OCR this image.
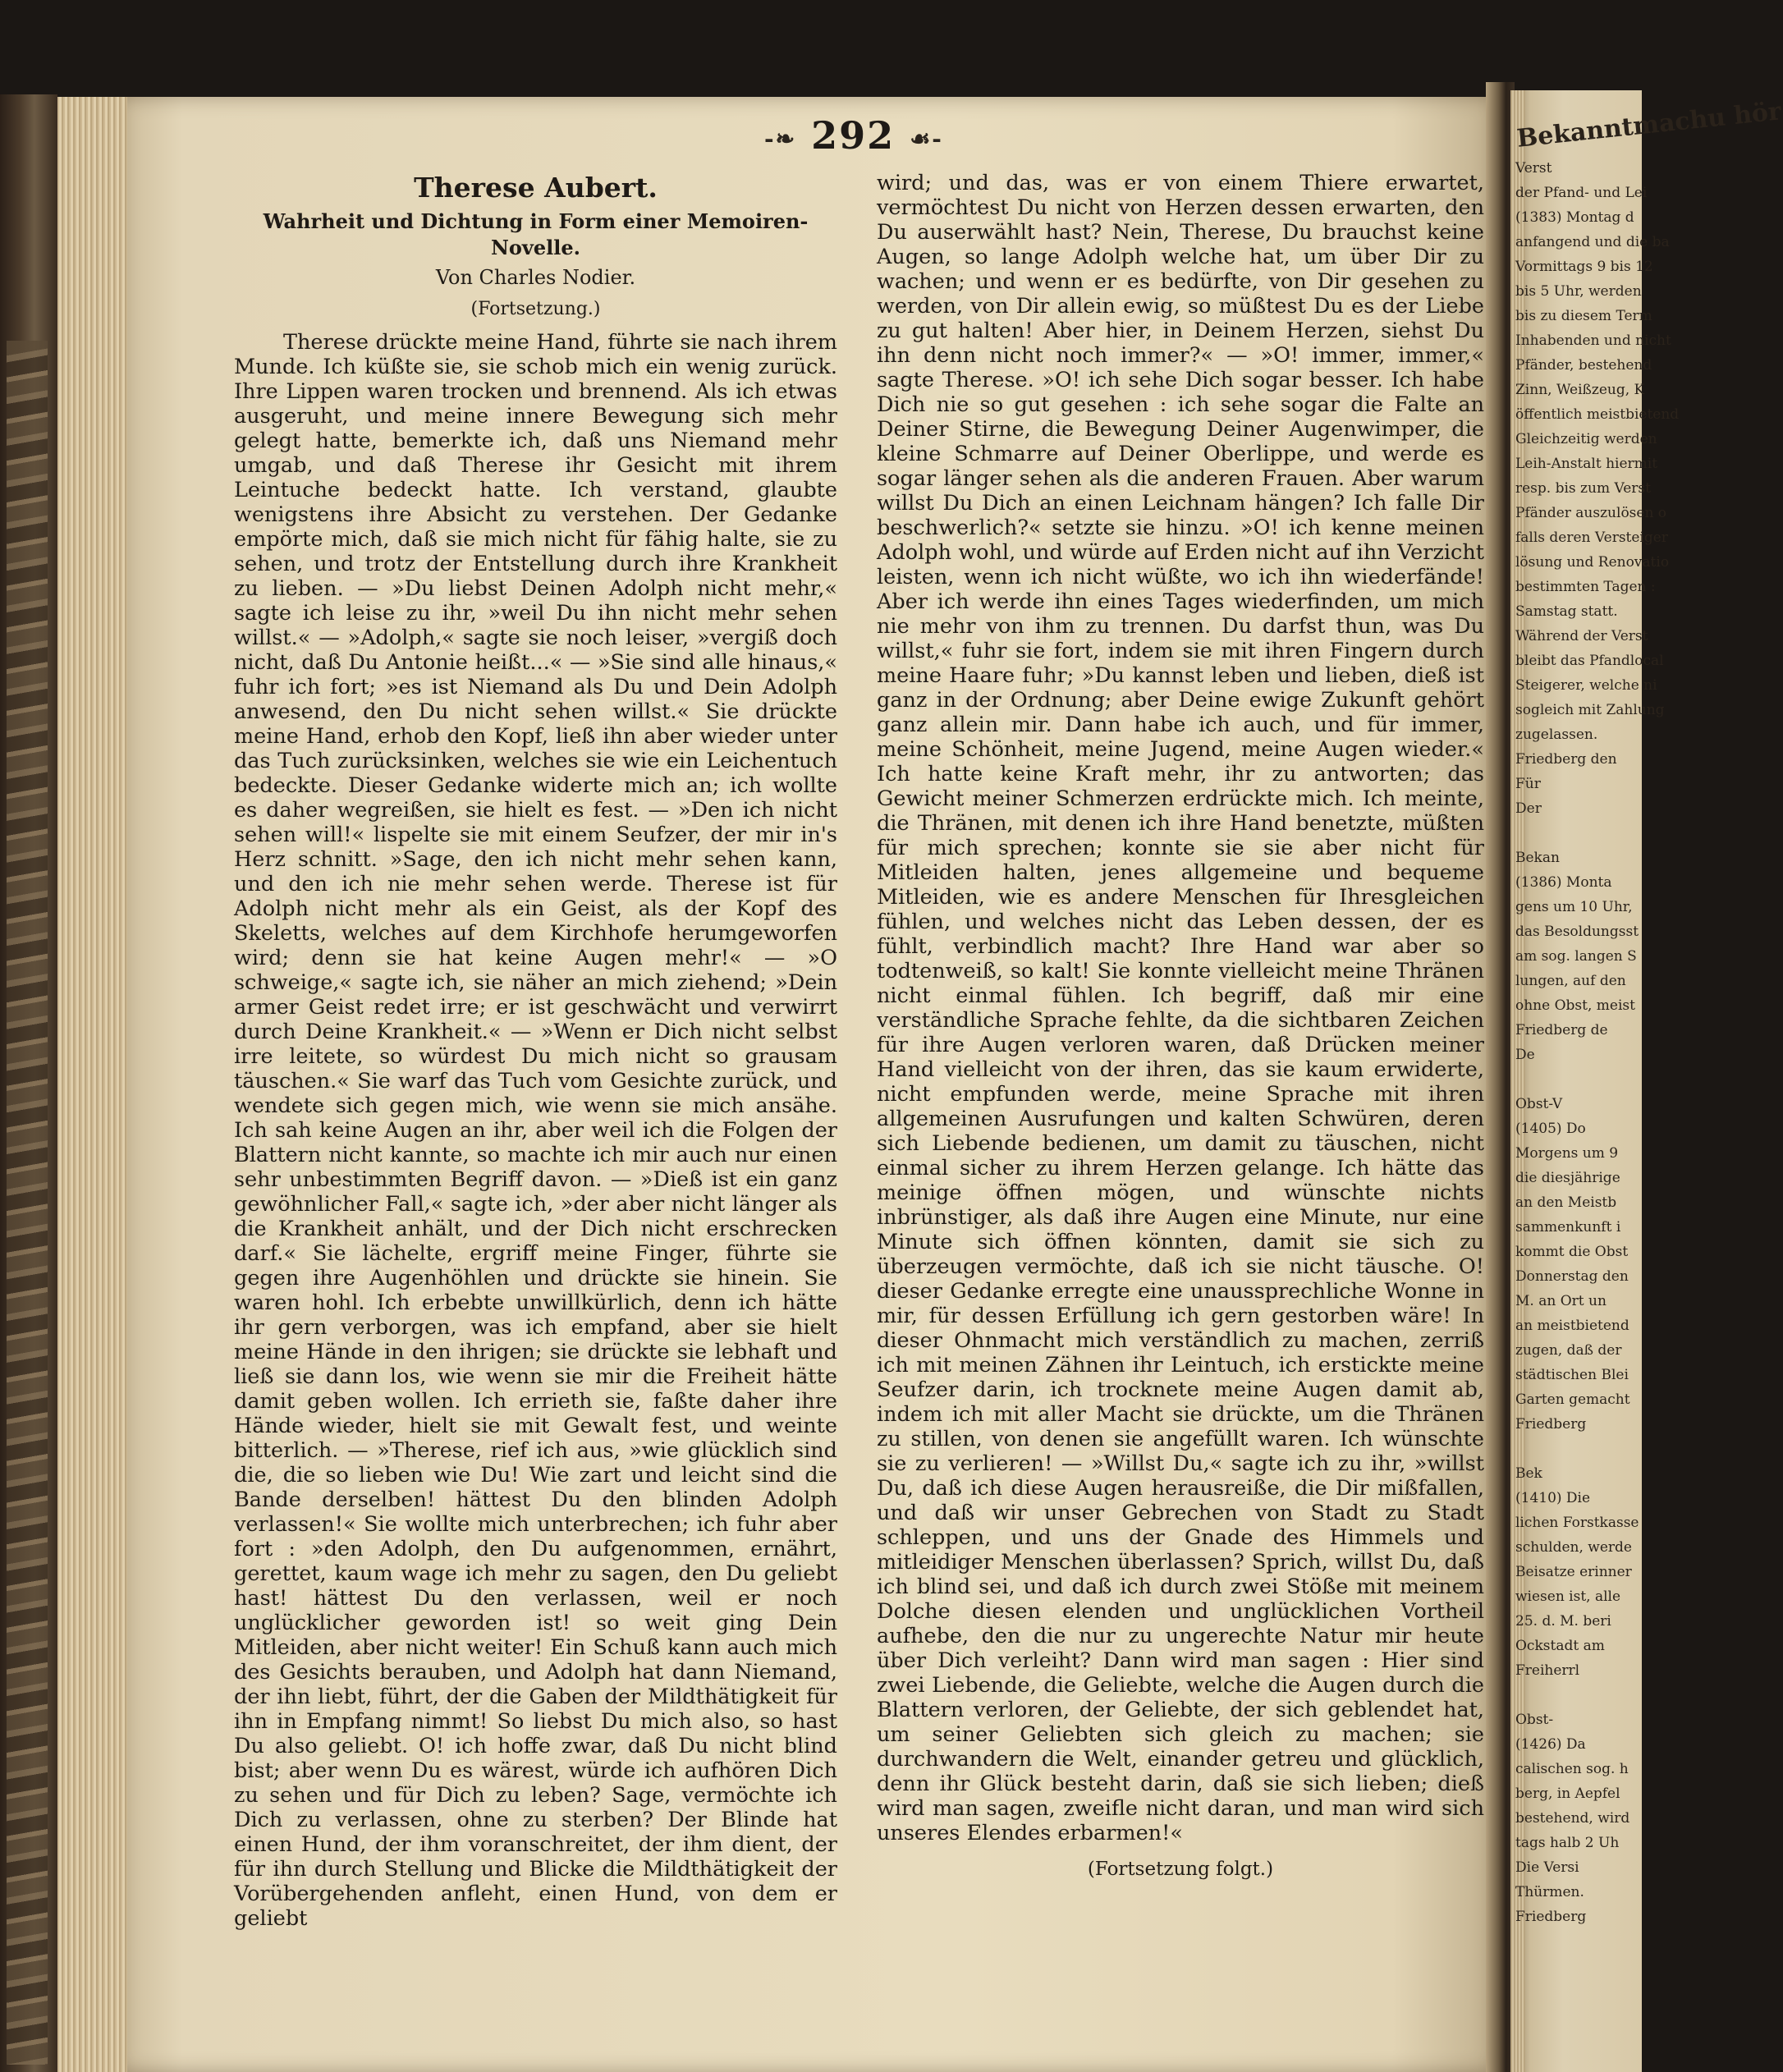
-❧ 292 ☙-
Therese Aubert.
Wahrheit und Dichtung in Form einer Memoiren-Novelle.
Von Charles Nodier.
(Fortsetzung.)

Therese drückte meine Hand, führte sie nach ihrem Munde. Ich küßte sie, sie schob mich ein wenig zurück. Ihre Lippen waren trocken und brennend. Als ich etwas ausgeruht, und meine innere Bewegung sich mehr gelegt hatte, bemerkte ich, daß uns Niemand mehr umgab, und daß Therese ihr Gesicht mit ihrem Leintuche bedeckt hatte. Ich verstand, glaubte wenigstens ihre Absicht zu verstehen. Der Gedanke empörte mich, daß sie mich nicht für fähig halte, sie zu sehen, und trotz der Entstellung durch ihre Krankheit zu lieben. — »Du liebst Deinen Adolph nicht mehr,« sagte ich leise zu ihr, »weil Du ihn nicht mehr sehen willst.« — »Adolph,« sagte sie noch leiser, »vergiß doch nicht, daß Du Antonie heißt...« — »Sie sind alle hinaus,« fuhr ich fort; »es ist Niemand als Du und Dein Adolph anwesend, den Du nicht sehen willst.« Sie drückte meine Hand, erhob den Kopf, ließ ihn aber wieder unter das Tuch zurücksinken, welches sie wie ein Leichentuch bedeckte. Dieser Gedanke widerte mich an; ich wollte es daher wegreißen, sie hielt es fest. — »Den ich nicht sehen will!« lispelte sie mit einem Seufzer, der mir in's Herz schnitt. »Sage, den ich nicht mehr sehen kann, und den ich nie mehr sehen werde. Therese ist für Adolph nicht mehr als ein Geist, als der Kopf des Skeletts, welches auf dem Kirchhofe herumgeworfen wird; denn sie hat keine Augen mehr!« — »O schweige,« sagte ich, sie näher an mich ziehend; »Dein armer Geist redet irre; er ist geschwächt und verwirrt durch Deine Krankheit.« — »Wenn er Dich nicht selbst irre leitete, so würdest Du mich nicht so grausam täuschen.« Sie warf das Tuch vom Gesichte zurück, und wendete sich gegen mich, wie wenn sie mich ansähe. Ich sah keine Augen an ihr, aber weil ich die Folgen der Blattern nicht kannte, so machte ich mir auch nur einen sehr unbestimmten Begriff davon. — »Dieß ist ein ganz gewöhnlicher Fall,« sagte ich, »der aber nicht länger als die Krankheit anhält, und der Dich nicht erschrecken darf.« Sie lächelte, ergriff meine Finger, führte sie gegen ihre Augenhöhlen und drückte sie hinein. Sie waren hohl. Ich erbebte unwillkürlich, denn ich hätte ihr gern verborgen, was ich empfand, aber sie hielt meine Hände in den ihrigen; sie drückte sie lebhaft und ließ sie dann los, wie wenn sie mir die Freiheit hätte damit geben wollen. Ich errieth sie, faßte daher ihre Hände wieder, hielt sie mit Gewalt fest, und weinte bitterlich. — »Therese, rief ich aus, »wie glücklich sind die, die so lieben wie Du! Wie zart und leicht sind die Bande derselben! hättest Du den blinden Adolph verlassen!« Sie wollte mich unterbrechen; ich fuhr aber fort : »den Adolph, den Du aufgenommen, ernährt, gerettet, kaum wage ich mehr zu sagen, den Du geliebt hast! hättest Du den verlassen, weil er noch unglücklicher geworden ist! so weit ging Dein Mitleiden, aber nicht weiter! Ein Schuß kann auch mich des Gesichts berauben, und Adolph hat dann Niemand, der ihn liebt, führt, der die Gaben der Mildthätigkeit für ihn in Empfang nimmt! So liebst Du mich also, so hast Du also geliebt. O! ich hoffe zwar, daß Du nicht blind bist; aber wenn Du es wärest, würde ich aufhören Dich zu sehen und für Dich zu leben? Sage, vermöchte ich Dich zu verlassen, ohne zu sterben? Der Blinde hat einen Hund, der ihm voranschreitet, der ihm dient, der für ihn durch Stellung und Blicke die Mildthätigkeit der Vorübergehenden anfleht, einen Hund, von dem er geliebt

wird; und das, was er von einem Thiere erwartet, vermöchtest Du nicht von Herzen dessen erwarten, den Du auserwählt hast? Nein, Therese, Du brauchst keine Augen, so lange Adolph welche hat, um über Dir zu wachen; und wenn er es bedürfte, von Dir gesehen zu werden, von Dir allein ewig, so müßtest Du es der Liebe zu gut halten! Aber hier, in Deinem Herzen, siehst Du ihn denn nicht noch immer?« — »O! immer, immer,« sagte Therese. »O! ich sehe Dich sogar besser. Ich habe Dich nie so gut gesehen : ich sehe sogar die Falte an Deiner Stirne, die Bewegung Deiner Augenwimper, die kleine Schmarre auf Deiner Oberlippe, und werde es sogar länger sehen als die anderen Frauen. Aber warum willst Du Dich an einen Leichnam hängen? Ich falle Dir beschwerlich?« setzte sie hinzu. »O! ich kenne meinen Adolph wohl, und würde auf Erden nicht auf ihn Verzicht leisten, wenn ich nicht wüßte, wo ich ihn wiederfände! Aber ich werde ihn eines Tages wiederfinden, um mich nie mehr von ihm zu trennen. Du darfst thun, was Du willst,« fuhr sie fort, indem sie mit ihren Fingern durch meine Haare fuhr; »Du kannst leben und lieben, dieß ist ganz in der Ordnung; aber Deine ewige Zukunft gehört ganz allein mir. Dann habe ich auch, und für immer, meine Schönheit, meine Jugend, meine Augen wieder.« Ich hatte keine Kraft mehr, ihr zu antworten; das Gewicht meiner Schmerzen erdrückte mich. Ich meinte, die Thränen, mit denen ich ihre Hand benetzte, müßten für mich sprechen; konnte sie sie aber nicht für Mitleiden halten, jenes allgemeine und bequeme Mitleiden, wie es andere Menschen für Ihresgleichen fühlen, und welches nicht das Leben dessen, der es fühlt, verbindlich macht? Ihre Hand war aber so todtenweiß, so kalt! Sie konnte vielleicht meine Thränen nicht einmal fühlen. Ich begriff, daß mir eine verständliche Sprache fehlte, da die sichtbaren Zeichen für ihre Augen verloren waren, daß Drücken meiner Hand vielleicht von der ihren, das sie kaum erwiderte, nicht empfunden werde, meine Sprache mit ihren allgemeinen Ausrufungen und kalten Schwüren, deren sich Liebende bedienen, um damit zu täuschen, nicht einmal sicher zu ihrem Herzen gelange. Ich hätte das meinige öffnen mögen, und wünschte nichts inbrünstiger, als daß ihre Augen eine Minute, nur eine Minute sich öffnen könnten, damit sie sich zu überzeugen vermöchte, daß ich sie nicht täusche. O! dieser Gedanke erregte eine unaussprechliche Wonne in mir, für dessen Erfüllung ich gern gestorben wäre! In dieser Ohnmacht mich verständlich zu machen, zerriß ich mit meinen Zähnen ihr Leintuch, ich erstickte meine Seufzer darin, ich trocknete meine Augen damit ab, indem ich mit aller Macht sie drückte, um die Thränen zu stillen, von denen sie angefüllt waren. Ich wünschte sie zu verlieren! — »Willst Du,« sagte ich zu ihr, »willst Du, daß ich diese Augen herausreiße, die Dir mißfallen, und daß wir unser Gebrechen von Stadt zu Stadt schleppen, und uns der Gnade des Himmels und mitleidiger Menschen überlassen? Sprich, willst Du, daß ich blind sei, und daß ich durch zwei Stöße mit meinem Dolche diesen elenden und unglücklichen Vortheil aufhebe, den die nur zu ungerechte Natur mir heute über Dich verleiht? Dann wird man sagen : Hier sind zwei Liebende, die Geliebte, welche die Augen durch die Blattern verloren, der Geliebte, der sich geblendet hat, um seiner Geliebten sich gleich zu machen; sie durchwandern die Welt, einander getreu und glücklich, denn ihr Glück besteht darin, daß sie sich lieben; dieß wird man sagen, zweifle nicht daran, und man wird sich unseres Elendes erbarmen!«

(Fortsetzung folgt.)
Bekanntmachu hör
Verst
der Pfand- und Lei
(1383) Montag d
anfangend und die ba
Vormittags 9 bis 12
bis 5 Uhr, werden
bis zu diesem Term
Inhabenden und nicht
Pfänder, bestehend
Zinn, Weißzeug, K
öffentlich meistbietend
Gleichzeitig werden
Leih-Anstalt hiermit
resp. bis zum Verst
Pfänder auszulösen o
falls deren Versteiger
lösung und Renovatio
bestimmten Tagen :
Samstag statt.
Während der Verst
bleibt das Pfandlocal
Steigerer, welche ni
sogleich mit Zahlung
zugelassen.
Friedberg den
Für
Der

Bekan
(1386) Monta
gens um 10 Uhr,
das Besoldungsst
am sog. langen S
lungen, auf den
ohne Obst, meist
Friedberg de
De

Obst-V
(1405) Do
Morgens um 9
die diesjährige
an den Meistb
sammenkunft i
kommt die Obst
Donnerstag den
M. an Ort un
an meistbietend
zugen, daß der
städtischen Blei
Garten gemacht
Friedberg

Bek
(1410) Die
lichen Forstkasse
schulden, werde
Beisatze erinner
wiesen ist, alle
25. d. M. beri
Ockstadt am
Freiherrl

Obst-
(1426) Da
calischen sog. h
berg, in Aepfel
bestehend, wird
tags halb 2 Uh
Die Versi
Thürmen.
Friedberg
